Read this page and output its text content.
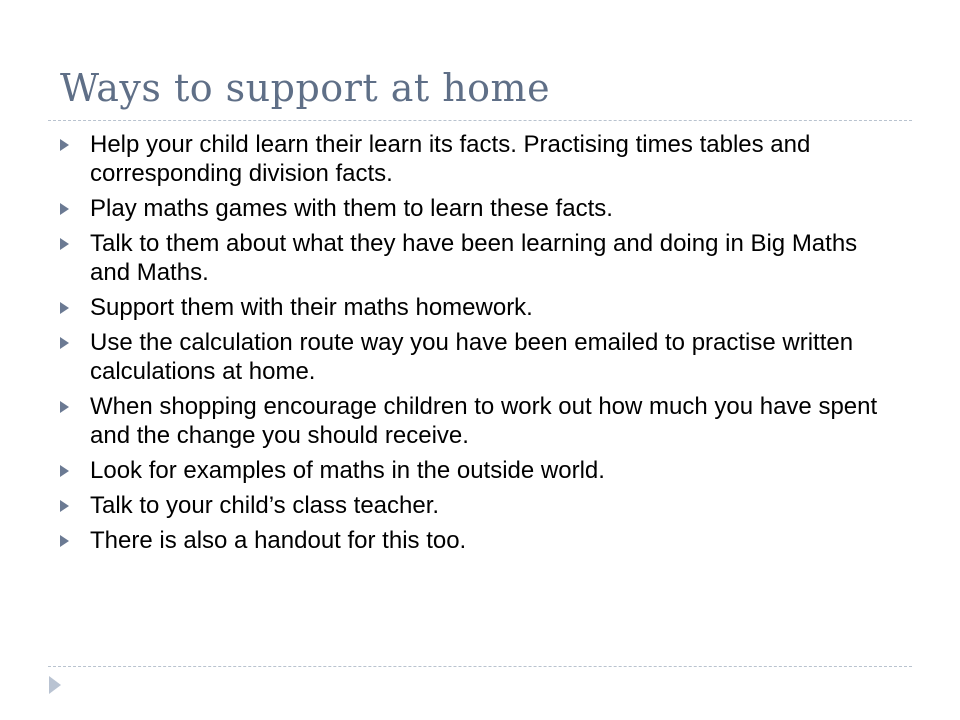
Ways to support at home
Help your child learn their learn its facts. Practising times tables and corresponding division facts.
Play maths games with them to learn these facts.
Talk to them about what they have been learning and doing in Big Maths and Maths.
Support them with their maths homework.
Use the calculation route way you have been emailed to practise written calculations at home.
When shopping encourage children to work out how much you have spent and the change you should receive.
Look for examples of maths in the outside world.
Talk to your child’s class teacher.
There is also a handout for this too.
